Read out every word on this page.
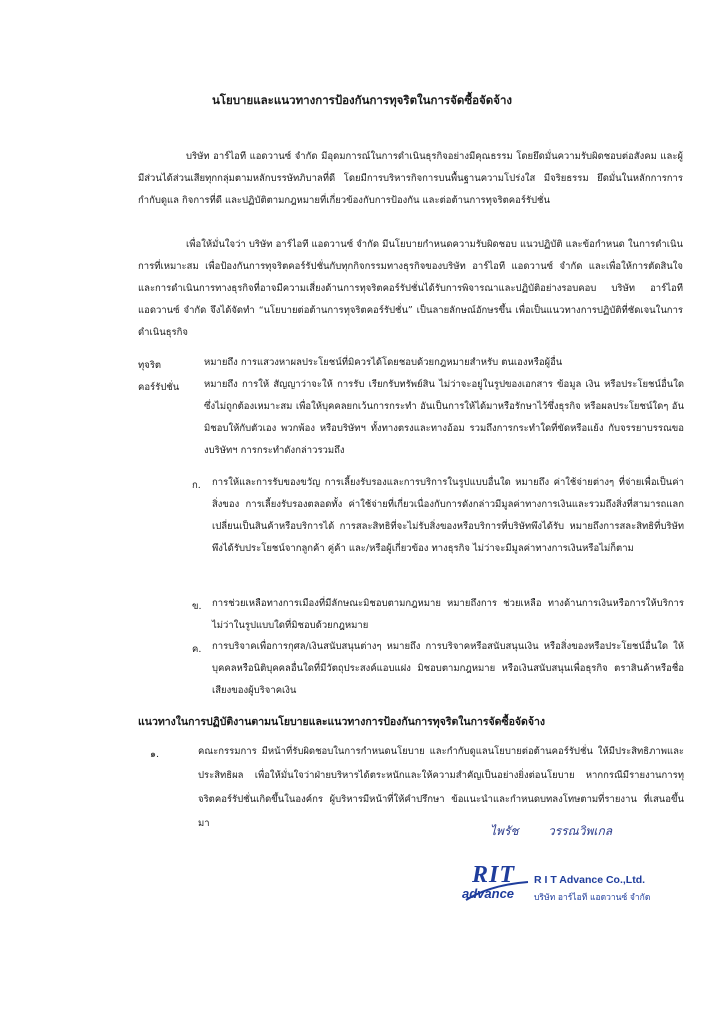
นโยบายและแนวทางการป้องกันการทุจริตในการจัดซื้อจัดจ้าง
บริษัท อาร์ไอที แอดวานซ์ จำกัด มีอุดมการณ์ในการดำเนินธุรกิจอย่างมีคุณธรรม โดยยึดมั่นความรับผิดชอบต่อสังคม และผู้มีส่วนได้ส่วนเสียทุกกลุ่มตามหลักบรรษัทภิบาลที่ดี โดยมีการบริหารกิจการบนพื้นฐานความโปร่งใส มีจริยธรรม ยึดมั่นในหลักการการกำกับดูแล กิจการที่ดี และปฏิบัติตามกฎหมายที่เกี่ยวข้องกับการป้องกัน และต่อต้านการทุจริตคอร์รัปชั่น
เพื่อให้มั่นใจว่า บริษัท อาร์ไอที แอดวานซ์ จำกัด มีนโยบายกำหนดความรับผิดชอบ แนวปฏิบัติ และข้อกำหนด ในการดำเนินการที่เหมาะสม เพื่อป้องกันการทุจริตคอร์รัปชั่นกับทุกกิจกรรมทางธุรกิจของบริษัท อาร์ไอที แอดวานซ์ จำกัด และเพื่อให้การตัดสินใจและการดำเนินการทางธุรกิจที่อาจมีความเสี่ยงด้านการทุจริตคอร์รัปชั่นได้รับการพิจารณาและปฏิบัติอย่างรอบคอบ บริษัท อาร์ไอที แอดวานซ์ จำกัด จึงได้จัดทำ “นโยบายต่อต้านการทุจริตคอร์รัปชั่น” เป็นลายลักษณ์อักษรขึ้น เพื่อเป็นแนวทางการปฏิบัติที่ชัดเจนในการดำเนินธุรกิจ
ทุจริต	หมายถึง การแสวงหาผลประโยชน์ที่มิควรได้โดยชอบด้วยกฎหมายสำหรับ ตนเองหรือผู้อื่น
คอร์รัปชั่น	หมายถึง การให้ สัญญาว่าจะให้ การรับ เรียกรับทรัพย์สิน ไม่ว่าจะอยู่ในรูปของเอกสาร ข้อมูล เงิน หรือประโยชน์อื่นใดซึ่งไม่ถูกต้องเหมาะสม เพื่อให้บุคคลยกเว้นการกระทำ อันเป็นการให้ได้มาหรือรักษาไว้ซึ่งธุรกิจ หรือผลประโยชน์ใดๆ อันมิชอบให้กับตัวเอง พวกพ้อง หรือบริษัทฯ ทั้งทางตรงและทางอ้อม รวมถึงการกระทำใดที่ขัดหรือแย้ง กับจรรยาบรรณของบริษัทฯ การกระทำดังกล่าวรวมถึง
ก. การให้และการรับของขวัญ การเลี้ยงรับรองและการบริการในรูปแบบอื่นใด หมายถึง ค่าใช้จ่ายต่างๆ ที่จ่ายเพื่อเป็นค่าสิ่งของ การเลี้ยงรับรองตลอดทั้ง ค่าใช้จ่ายที่เกี่ยวเนื่องกับการดังกล่าวมีมูลค่าทางการเงินและรวมถึงสิ่งที่สามารถแลกเปลี่ยนเป็นสินค้าหรือบริการได้ การสละสิทธิที่จะไม่รับสิ่งของหรือบริการที่บริษัทพึงได้รับ หมายถึงการสละสิทธิที่บริษัทพึงได้รับประโยชน์จากลูกค้า คู่ค้า และ/หรือผู้เกี่ยวข้อง ทางธุรกิจ ไม่ว่าจะมีมูลค่าทางการเงินหรือไม่ก็ตาม
ข. การช่วยเหลือทางการเมืองที่มีลักษณะมิชอบตามกฎหมาย หมายถึงการ ช่วยเหลือ ทางด้านการเงินหรือการให้บริการไม่ว่าในรูปแบบใดที่มิชอบด้วยกฎหมาย
ค. การบริจาคเพื่อการกุศล/เงินสนับสนุนต่างๆ หมายถึง การบริจาคหรือสนับสนุนเงิน หรือสิ่งของหรือประโยชน์อื่นใด ให้บุคคลหรือนิติบุคคลอื่นใดที่มีวัตถุประสงค์แอบแฝง มิชอบตามกฎหมาย หรือเงินสนับสนุนเพื่อธุรกิจ ตราสินค้าหรือชื่อเสียงของผู้บริจาคเงิน
แนวทางในการปฏิบัติงานตามนโยบายและแนวทางการป้องกันการทุจริตในการจัดซื้อจัดจ้าง
๑.	คณะกรรมการ มีหน้าที่รับผิดชอบในการกำหนดนโยบาย และกำกับดูแลนโยบายต่อต้านคอร์รัปชั่น ให้มีประสิทธิภาพและประสิทธิผล เพื่อให้มั่นใจว่าฝ่ายบริหารได้ตระหนักและให้ความสำคัญเป็นอย่างยิ่งต่อนโยบาย หากกรณีมีรายงานการทุจริตคอร์รัปชั่นเกิดขึ้นในองค์กร ผู้บริหารมีหน้าที่ให้คำปรึกษา ข้อแนะนำและกำหนดบทลงโทษตามที่รายงาน ที่เสนอขึ้นมา
ไพรัช วรรณวิพเกล
RIT
advance
R I T Advance Co.,Ltd.
บริษัท อาร์ไอที แอดวานซ์ จำกัด
